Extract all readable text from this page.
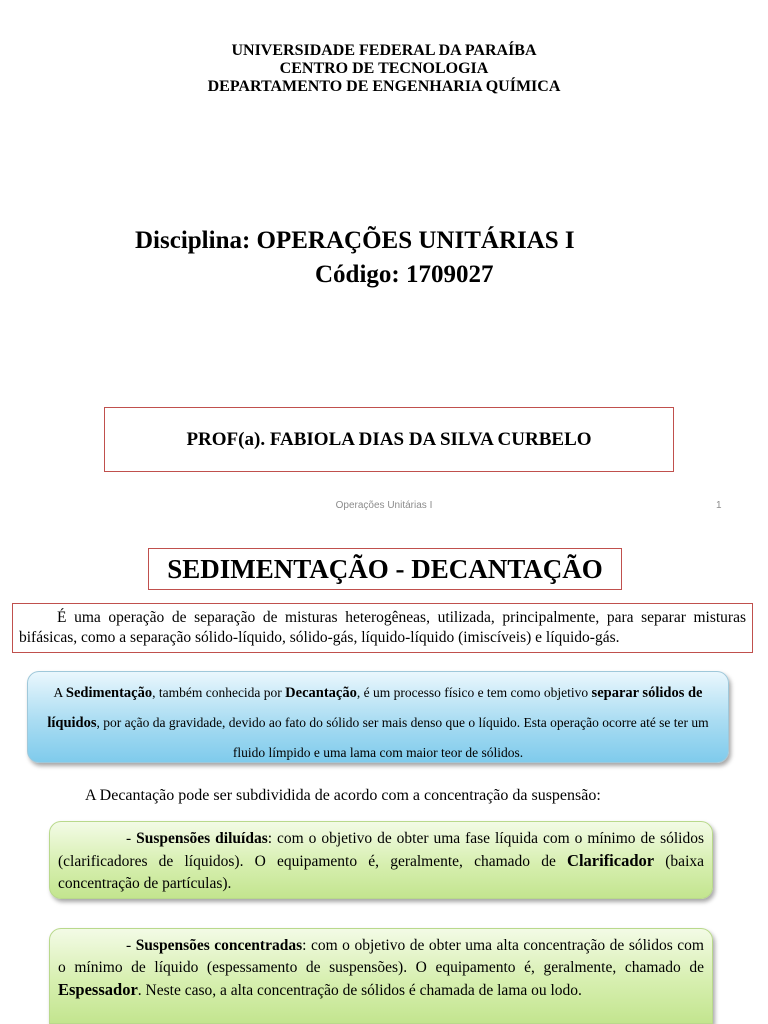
UNIVERSIDADE FEDERAL DA PARAÍBA
CENTRO DE TECNOLOGIA
DEPARTAMENTO DE ENGENHARIA QUÍMICA
Disciplina: OPERAÇÕES UNITÁRIAS I
Código: 1709027
PROF(a). FABIOLA DIAS DA SILVA CURBELO
Operações Unitárias I	1
SEDIMENTAÇÃO - DECANTAÇÃO

É uma operação de separação de misturas heterogêneas, utilizada, principalmente, para separar misturas bifásicas, como a separação sólido-líquido, sólido-gás, líquido-líquido (imiscíveis) e líquido-gás.

A Sedimentação, também conhecida por Decantação, é um processo físico e tem como objetivo separar sólidos de líquidos, por ação da gravidade, devido ao fato do sólido ser mais denso que o líquido. Esta operação ocorre até se ter um fluido límpido e uma lama com maior teor de sólidos.
A Decantação pode ser subdividida de acordo com a concentração da suspensão:

- Suspensões diluídas: com o objetivo de obter uma fase líquida com o mínimo de sólidos (clarificadores de líquidos). O equipamento é, geralmente, chamado de Clarificador (baixa concentração de partículas).

- Suspensões concentradas: com o objetivo de obter uma alta concentração de sólidos com o mínimo de líquido (espessamento de suspensões). O equipamento é, geralmente, chamado de Espessador. Neste caso, a alta concentração de sólidos é chamada de lama ou lodo.
